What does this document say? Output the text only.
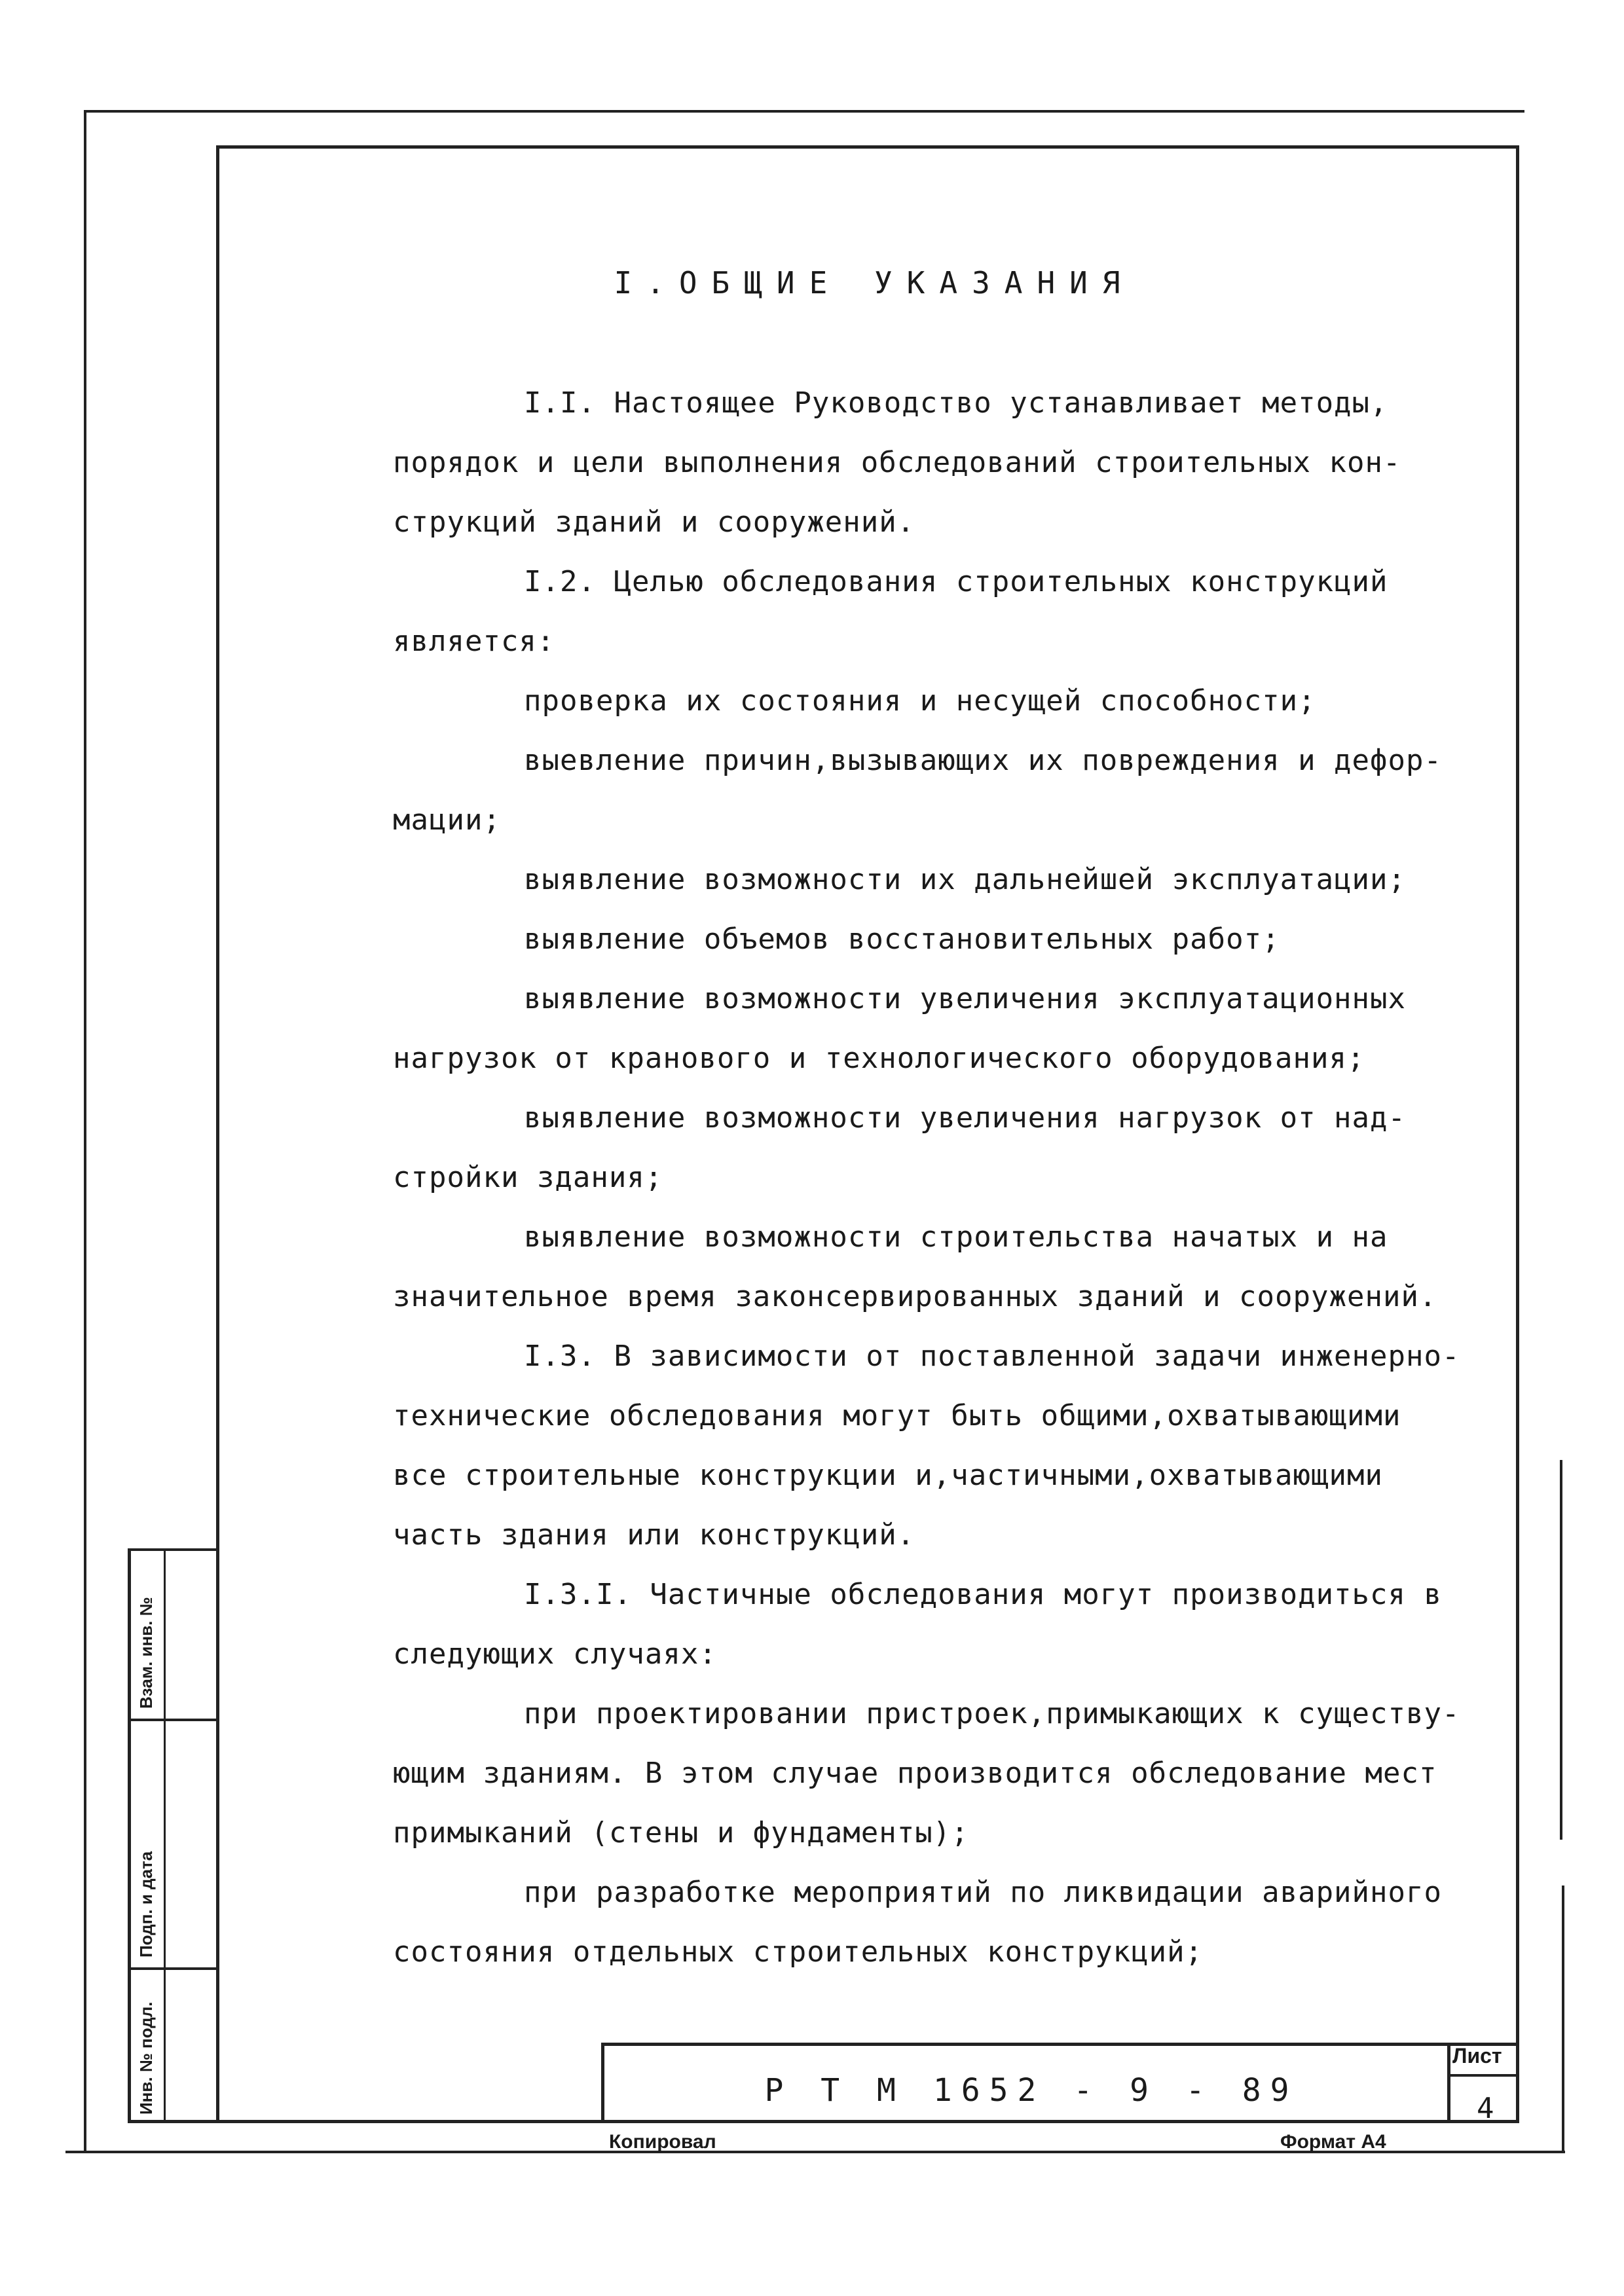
Взам. инв. №
Подп. и дата
Инв. № подл.
I.ОБЩИЕ УКАЗАНИЯ

I.I. Настоящее Руководство устанавливает методы,

порядок и цели выполнения обследований строительных кон-

струкций зданий и сооружений.

I.2. Целью обследования строительных конструкций

является:

проверка их состояния и несущей способности;

выевление причин,вызывающих их повреждения и дефор-

мации;

выявление возможности их дальнейшей эксплуатации;

выявление объемов восстановительных работ;

выявление возможности увеличения эксплуатационных

нагрузок от кранового и технологического оборудования;

выявление возможности увеличения нагрузок от над-

стройки здания;

выявление возможности строительства начатых и на

значительное время законсервированных зданий и сооружений.

I.3. В зависимости от поставленной задачи инженерно-

технические обследования могут быть общими,охватывающими

все строительные конструкции и,частичными,охватывающими

часть здания или конструкций.

I.3.I. Частичные обследования могут производиться в

следующих случаях:

при проектировании пристроек,примыкающих к существу-

ющим зданиям. В этом случае производится обследование мест

примыканий (стены и фундаменты);

при разработке мероприятий по ликвидации аварийного

состояния отдельных строительных конструкций;

Р Т М 1652 - 9 - 89
Лист
4
Копировал	Формат А4
